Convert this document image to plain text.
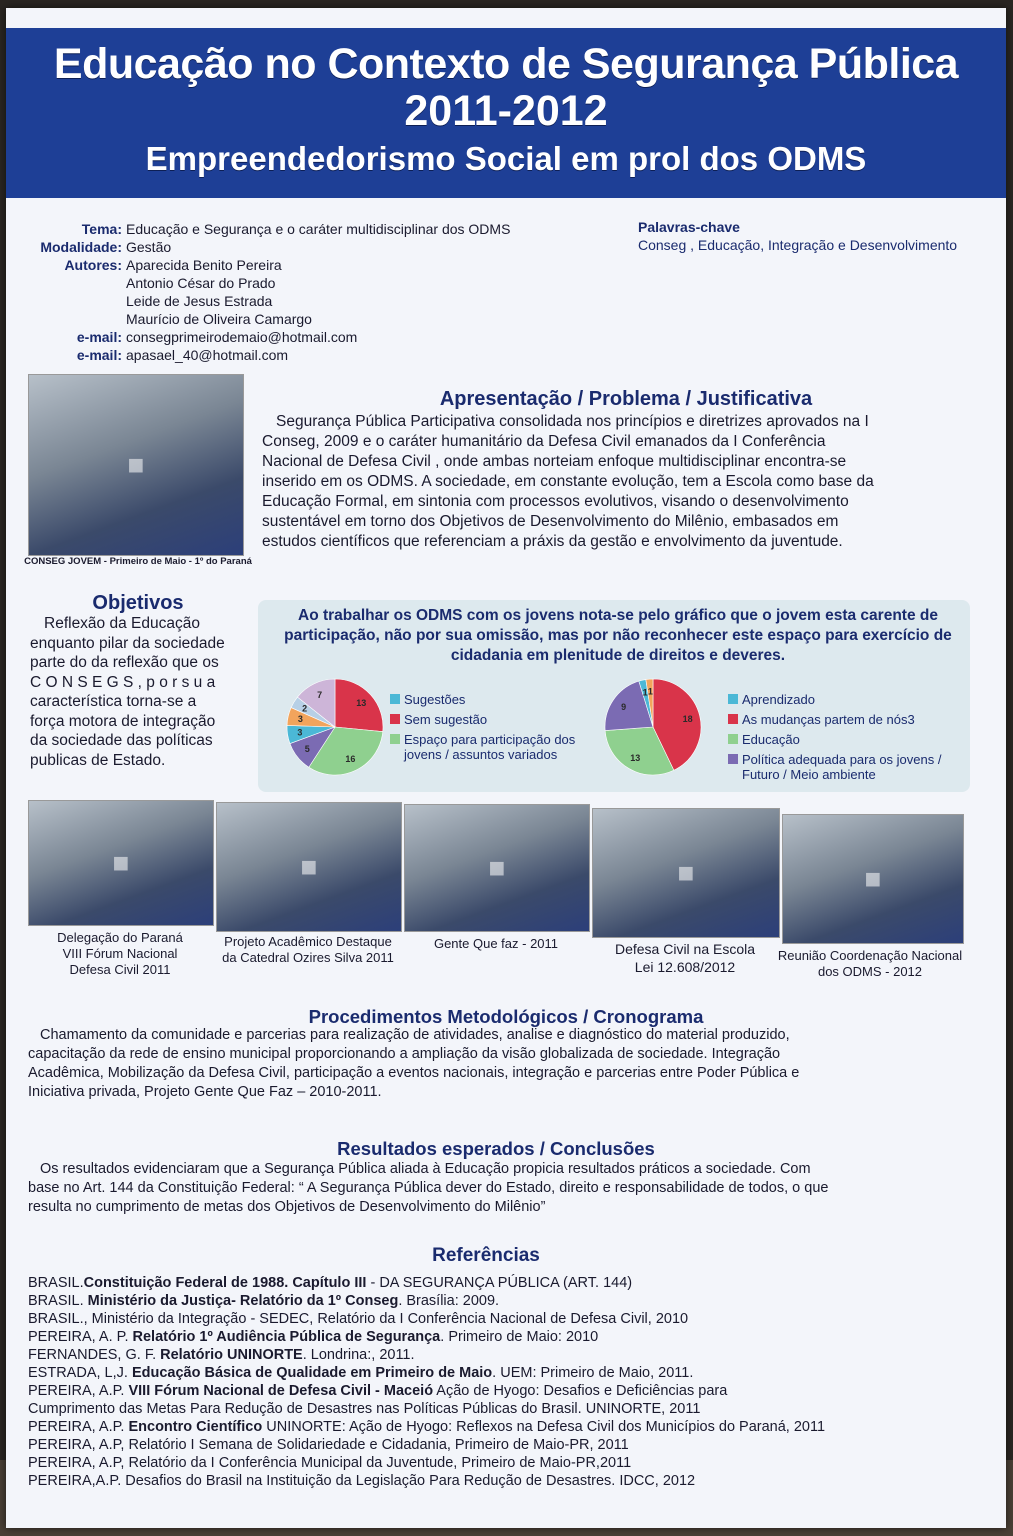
Educação no Contexto de Segurança Pública
2011-2012
Empreendedorismo Social em prol dos ODMS
Tema: Educação e Segurança e o caráter multidisciplinar dos ODMS
Modalidade: Gestão
Autores: Aparecida Benito Pereira
Antonio César do Prado
Leide de Jesus Estrada
Maurício de Oliveira Camargo
e-mail: consegprimeirodemaio@hotmail.com
e-mail: apasael_40@hotmail.com
Palavras-chave
Conseg , Educação, Integração e Desenvolvimento
■
CONSEG JOVEM - Primeiro de Maio - 1º do Paraná
Apresentação / Problema / Justificativa
Segurança Pública Participativa consolidada nos princípios e diretrizes aprovados na I
Conseg, 2009 e o caráter humanitário da Defesa Civil emanados da I Conferência
Nacional de Defesa Civil , onde ambas norteiam enfoque multidisciplinar encontra-se
inserido em os ODMS. A sociedade, em constante evolução, tem a Escola como base da
Educação Formal, em sintonia com processos evolutivos, visando o desenvolvimento
sustentável em torno dos Objetivos de Desenvolvimento do Milênio, embasados em
estudos científicos que referenciam a práxis da gestão e envolvimento da juventude.
Objetivos
Reflexão da Educação
enquanto pilar da sociedade
parte do da reflexão que os
C O N S E G S , p o r s u a
característica torna-se a
força motora de integração
da sociedade das políticas
publicas de Estado.
Ao trabalhar os ODMS com os jovens nota-se pelo gráfico que o jovem esta carente de participação, não por sua omissão, mas por não reconhecer este espaço para exercício de cidadania em plenitude de direitos e deveres.
13
16
5
3
3
2
7	Sugestões
Sem sugestão
Espaço para participação dos jovens / assuntos variados
18
13
9
1 1
Aprendizado
As mudanças partem de nós3
Educação
Política adequada para os jovens / Futuro / Meio ambiente
■	■	■	■	■
Delegação do Paraná
VIII Fórum Nacional
Defesa Civil 2011
Projeto Acadêmico Destaque
da Catedral Ozires Silva 2011
Gente Que faz - 2011	Defesa Civil na Escola
Lei 12.608/2012
Reunião Coordenação Nacional
dos ODMS - 2012
Procedimentos Metodológicos / Cronograma
Chamamento da comunidade e parcerias para realização de atividades, analise e diagnóstico do material produzido,
capacitação da rede de ensino municipal proporcionando a ampliação da visão globalizada de sociedade. Integração
Acadêmica, Mobilização da Defesa Civil, participação a eventos nacionais, integração e parcerias entre Poder Pública e
Iniciativa privada, Projeto Gente Que Faz – 2010-2011.
Resultados esperados / Conclusões
Os resultados evidenciaram que a Segurança Pública aliada à Educação propicia resultados práticos a sociedade. Com
base no Art. 144 da Constituição Federal: “ A Segurança Pública dever do Estado, direito e responsabilidade de todos, o que
resulta no cumprimento de metas dos Objetivos de Desenvolvimento do Milênio”
Referências
BRASIL.Constituição Federal de 1988. Capítulo III - DA SEGURANÇA PÚBLICA (ART. 144)
BRASIL. Ministério da Justiça- Relatório da 1º Conseg. Brasília: 2009.
BRASIL., Ministério da Integração - SEDEC, Relatório da I Conferência Nacional de Defesa Civil, 2010
PEREIRA, A. P. Relatório 1º Audiência Pública de Segurança. Primeiro de Maio: 2010
FERNANDES, G. F. Relatório UNINORTE. Londrina:, 2011.
ESTRADA, L,J. Educação Básica de Qualidade em Primeiro de Maio. UEM: Primeiro de Maio, 2011.
PEREIRA, A.P. VIII Fórum Nacional de Defesa Civil - Maceió Ação de Hyogo: Desafios e Deficiências para
Cumprimento das Metas Para Redução de Desastres nas Políticas Públicas do Brasil. UNINORTE, 2011
PEREIRA, A.P. Encontro Científico UNINORTE: Ação de Hyogo: Reflexos na Defesa Civil dos Municípios do Paraná, 2011
PEREIRA, A.P, Relatório I Semana de Solidariedade e Cidadania, Primeiro de Maio-PR, 2011
PEREIRA, A.P, Relatório da I Conferência Municipal da Juventude, Primeiro de Maio-PR,2011
PEREIRA,A.P. Desafios do Brasil na Instituição da Legislação Para Redução de Desastres. IDCC, 2012
